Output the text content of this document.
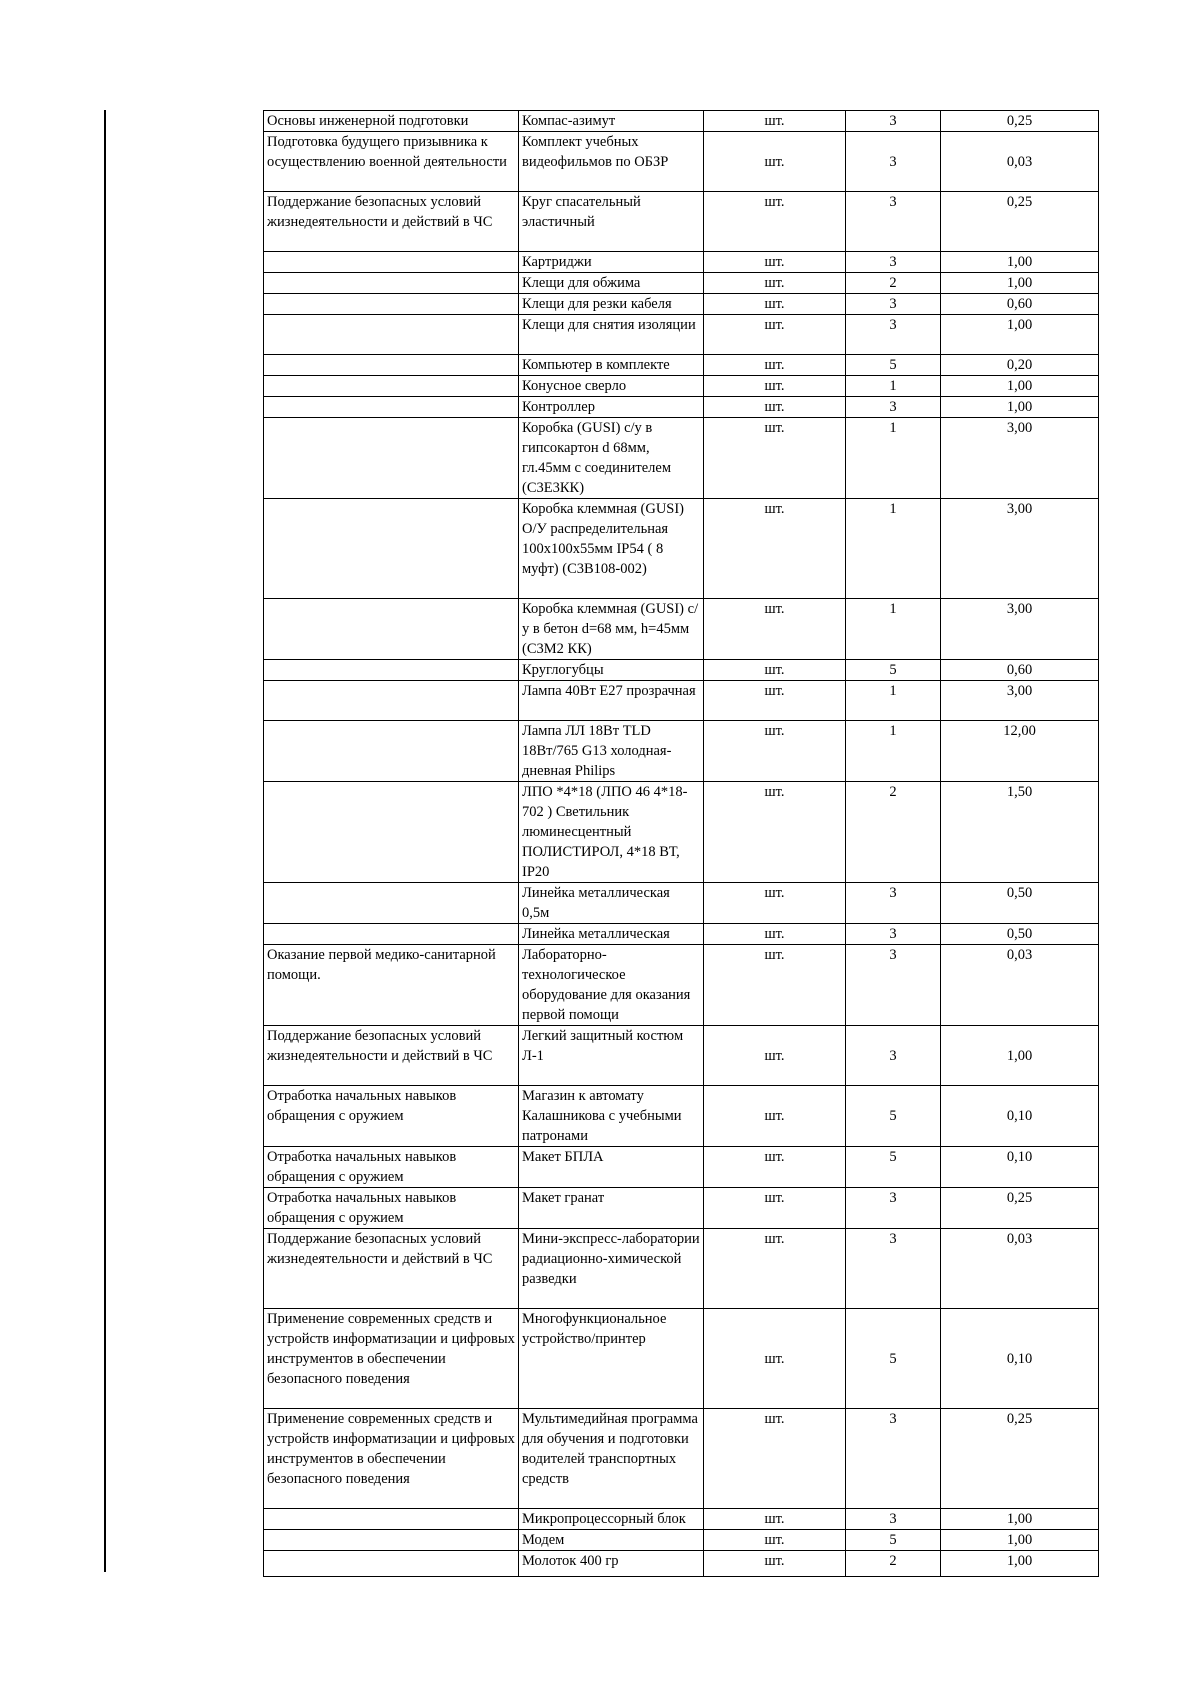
Основы инженерной подготовки	Компас-азимут	шт.	3	0,25
Подготовка будущего призывника к осуществлению военной деятельности	Комплект учебных видеофильмов по ОБЗР	шт.	3	0,03
Поддержание безопасных условий жизнедеятельности и действий в ЧС	Круг спасательный эластичный	шт.	3	0,25
	Картриджи	шт.	3	1,00
	Клещи для обжима	шт.	2	1,00
	Клещи для резки кабеля	шт.	3	0,60
	Клещи для снятия изоляции	шт.	3	1,00
	Компьютер в комплекте	шт.	5	0,20
	Конусное сверло	шт.	1	1,00
	Контроллер	шт.	3	1,00
	Коробка (GUSI) с/у в гипсокартон d 68мм, гл.45мм с соединителем (С3Е3КК)	шт.	1	3,00
	Коробка клеммная (GUSI) О/У распределительная 100х100х55мм IP54 ( 8 муфт) (С3В108-002)	шт.	1	3,00
	Коробка клеммная (GUSI) с/у в бетон d=68 мм, h=45мм (С3М2 КК)	шт.	1	3,00
	Круглогубцы	шт.	5	0,60
	Лампа 40Вт Е27 прозрачная	шт.	1	3,00
	Лампа ЛЛ 18Вт TLD 18Вт/765 G13 холодная-дневная Philips	шт.	1	12,00
	ЛПО *4*18 (ЛПО 46 4*18-702 ) Светильник люминесцентный ПОЛИСТИРОЛ, 4*18 ВТ, IP20	шт.	2	1,50
	Линейка металлическая 0,5м	шт.	3	0,50
	Линейка металлическая	шт.	3	0,50
Оказание первой медико-санитарной помощи.	Лабораторно-технологическое оборудование для оказания первой помощи	шт.	3	0,03
Поддержание безопасных условий жизнедеятельности и действий в ЧС	Легкий защитный костюм Л-1	шт.	3	1,00
Отработка начальных навыков обращения с оружием	Магазин к автомату Калашникова с учебными патронами	шт.	5	0,10
Отработка начальных навыков обращения с оружием	Макет БПЛА	шт.	5	0,10
Отработка начальных навыков обращения с оружием	Макет гранат	шт.	3	0,25
Поддержание безопасных условий жизнедеятельности и действий в ЧС	Мини-экспресс-лаборатории радиационно-химической разведки	шт.	3	0,03
Применение современных средств и устройств информатизации и цифровых инструментов в обеспечении безопасного поведения	Многофункциональное устройство/принтер	шт.	5	0,10
Применение современных средств и устройств информатизации и цифровых инструментов в обеспечении безопасного поведения	Мультимедийная программа для обучения и подготовки водителей транспортных средств	шт.	3	0,25
	Микропроцессорный блок	шт.	3	1,00
	Модем	шт.	5	1,00
	Молоток 400 гр	шт.	2	1,00
